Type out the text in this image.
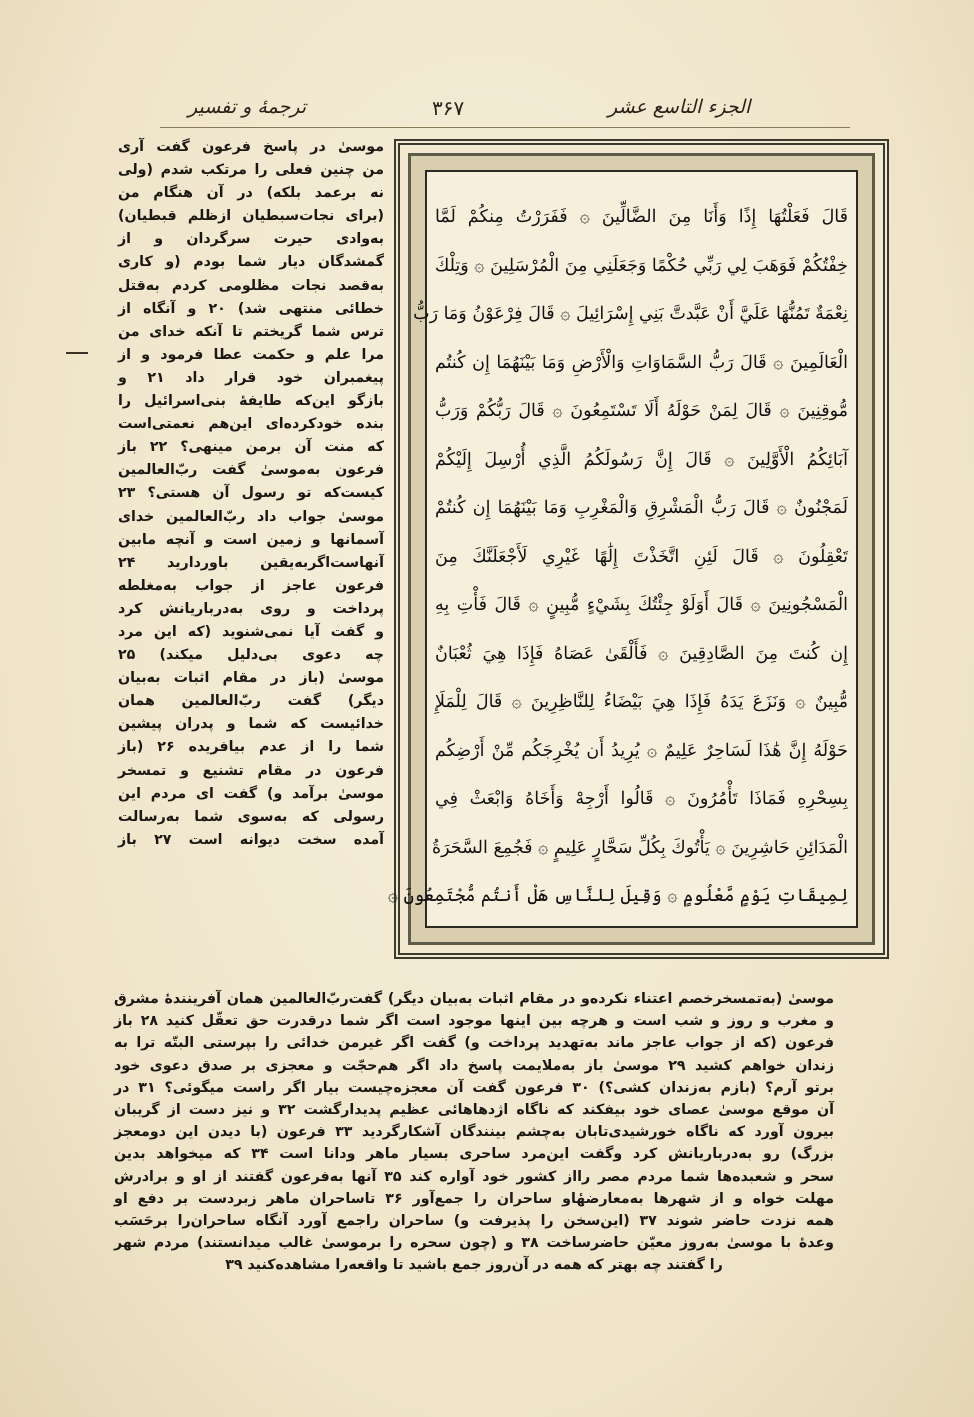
ترجمهٔ و تفسیر	۳۶۷	الجزء التاسع عشر
موسیٰ در پاسخ فرعون گفت آری
من چنین فعلی را مرتکب شدم (ولی
نه برعمد بلکه) در آن هنگام من
(برای نجات‌سبطیان ازظلم قبطیان)
به‌وادی حیرت سرگردان و از
گمشدگان دیار شما بودم (و کاری
به‌قصد نجات مظلومی کردم به‌قتل
خطائی منتهی شد) ۲۰ و آنگاه از
ترس شما گریختم تا آنکه خدای من
مرا علم و حکمت عطا فرمود و از
پیغمبران خود قرار داد ۲۱ و
بازگو این‌که طایفهٔ بنی‌اسرائیل را
بنده خودکرده‌ای این‌هم نعمتی‌است
که منت آن برمن مینهی؟ ۲۲ باز
فرعون به‌موسیٰ گفت ربّ‌العالمین
کیست‌که تو رسول آن هستی؟ ۲۳
موسیٰ جواب داد ربّ‌العالمین خدای
آسمانها و زمین است و آنچه مابین
آنهاست‌اگربه‌یقین باوردارید ۲۴
فرعون عاجز از جواب به‌مغلطه
پرداخت و روی به‌درباریانش کرد
و گفت آیا نمی‌شنوید (که این مرد
چه دعوی بی‌دلیل میکند) ۲۵
موسیٰ (باز در مقام اثبات به‌بیان
دیگر) گفت ربّ‌العالمین همان
خدائیست که شما و پدران پیشین
شما را از عدم بیافریده ۲۶ (باز
فرعون در مقام تشنیع و تمسخر
موسیٰ برآمد و) گفت ای مردم این
رسولی که به‌سوی شما به‌رسالت
آمده سخت دیوانه است ۲۷ باز
قَالَ فَعَلْتُهَا إِذًا وَأَنَا مِنَ الضَّالِّينَ ۞ فَفَرَرْتُ مِنكُمْ لَمَّا
خِفْتُكُمْ فَوَهَبَ لِي رَبِّي حُكْمًا وَجَعَلَنِي مِنَ الْمُرْسَلِينَ ۞ وَتِلْكَ
نِعْمَةٌ تَمُنُّهَا عَلَيَّ أَنْ عَبَّدتَّ بَنِي إِسْرَائِيلَ ۞ قَالَ فِرْعَوْنُ وَمَا رَبُّ
الْعَالَمِينَ ۞ قَالَ رَبُّ السَّمَاوَاتِ وَالْأَرْضِ وَمَا بَيْنَهُمَا إِن كُنتُم
مُّوقِنِينَ ۞ قَالَ لِمَنْ حَوْلَهُ أَلَا تَسْتَمِعُونَ ۞ قَالَ رَبُّكُمْ وَرَبُّ
آبَائِكُمُ الْأَوَّلِينَ ۞ قَالَ إِنَّ رَسُولَكُمُ الَّذِي أُرْسِلَ إِلَيْكُمْ
لَمَجْنُونٌ ۞ قَالَ رَبُّ الْمَشْرِقِ وَالْمَغْرِبِ وَمَا بَيْنَهُمَا إِن كُنتُمْ
تَعْقِلُونَ ۞ قَالَ لَئِنِ اتَّخَذْتَ إِلَٰهًا غَيْرِي لَأَجْعَلَنَّكَ مِنَ
الْمَسْجُونِينَ ۞ قَالَ أَوَلَوْ جِئْتُكَ بِشَيْءٍ مُّبِينٍ ۞ قَالَ فَأْتِ بِهِ
إِن كُنتَ مِنَ الصَّادِقِينَ ۞ فَأَلْقَىٰ عَصَاهُ فَإِذَا هِيَ ثُعْبَانٌ
مُّبِينٌ ۞ وَنَزَعَ يَدَهُ فَإِذَا هِيَ بَيْضَاءُ لِلنَّاظِرِينَ ۞ قَالَ لِلْمَلَإِ
حَوْلَهُ إِنَّ هَٰذَا لَسَاحِرٌ عَلِيمٌ ۞ يُرِيدُ أَن يُخْرِجَكُم مِّنْ أَرْضِكُم
بِسِحْرِهِ فَمَاذَا تَأْمُرُونَ ۞ قَالُوا أَرْجِهْ وَأَخَاهُ وَابْعَثْ فِي
الْمَدَائِنِ حَاشِرِينَ ۞ يَأْتُوكَ بِكُلِّ سَحَّارٍ عَلِيمٍ ۞ فَجُمِعَ السَّحَرَةُ
لِمِيقَاتِ يَوْمٍ مَّعْلُومٍ ۞ وَقِيلَ لِلنَّاسِ هَلْ أَنتُم مُّجْتَمِعُونَ ۞
موسیٰ (به‌تمسخرخصم اعتناء نکرده‌و در مقام اثبات به‌بیان دیگر) گفت‌ربّ‌العالمین همان آفرینندهٔ مشرق
و مغرب و روز و شب است و هرچه بین اینها موجود است اگر شما درقدرت حق تعقّل کنید ۲۸ باز
فرعون (که از جواب عاجز ماند به‌تهدید پرداخت و) گفت اگر غیرمن خدائی را بپرستی البتّه ترا به
زندان خواهم کشید ۲۹ موسیٰ باز به‌ملایمت پاسخ داد اگر هم‌حجّت و معجزی بر صدق دعوی خود
برتو آرم؟ (بازم به‌زندان کشی؟) ۳۰ فرعون گفت آن معجزه‌چیست بیار اگر راست میگوئی؟ ۳۱ در
آن موقع موسیٰ عصای خود بیفکند که ناگاه اژدهاهائی عظیم پدیدارگشت ۳۲ و نیز دست از گریبان
بیرون آورد که ناگاه خورشیدی‌تابان به‌چشم بینندگان آشکارگردید ۳۳ فرعون (با دیدن این دومعجز
بزرگ) رو به‌درباریانش کرد وگفت این‌مرد ساحری بسیار ماهر ودانا است ۳۴ که میخواهد بدین
سحر و شعبده‌ها شما مردم مصر رااز کشور خود آواره کند ۳۵ آنها به‌فرعون گفتند از او و برادرش
مهلت خواه و از شهرها به‌معارضهٔاو ساحران را جمع‌آور ۳۶ تاساحران ماهر زبردست بر دفع او
همه نزدت حاضر شوند ۳۷ (این‌سخن را پذیرفت و) ساحران راجمع آورد آنگاه ساحران‌را برحَسَب
وعدهٔ با موسیٰ به‌روز معیّن حاضرساخت ۳۸ و (چون سحره را برموسیٰ غالب میدانستند) مردم شهر
را گفتند چه بهتر که همه در آن‌روز جمع باشید تا واقعه‌را مشاهده‌کنید ۳۹
